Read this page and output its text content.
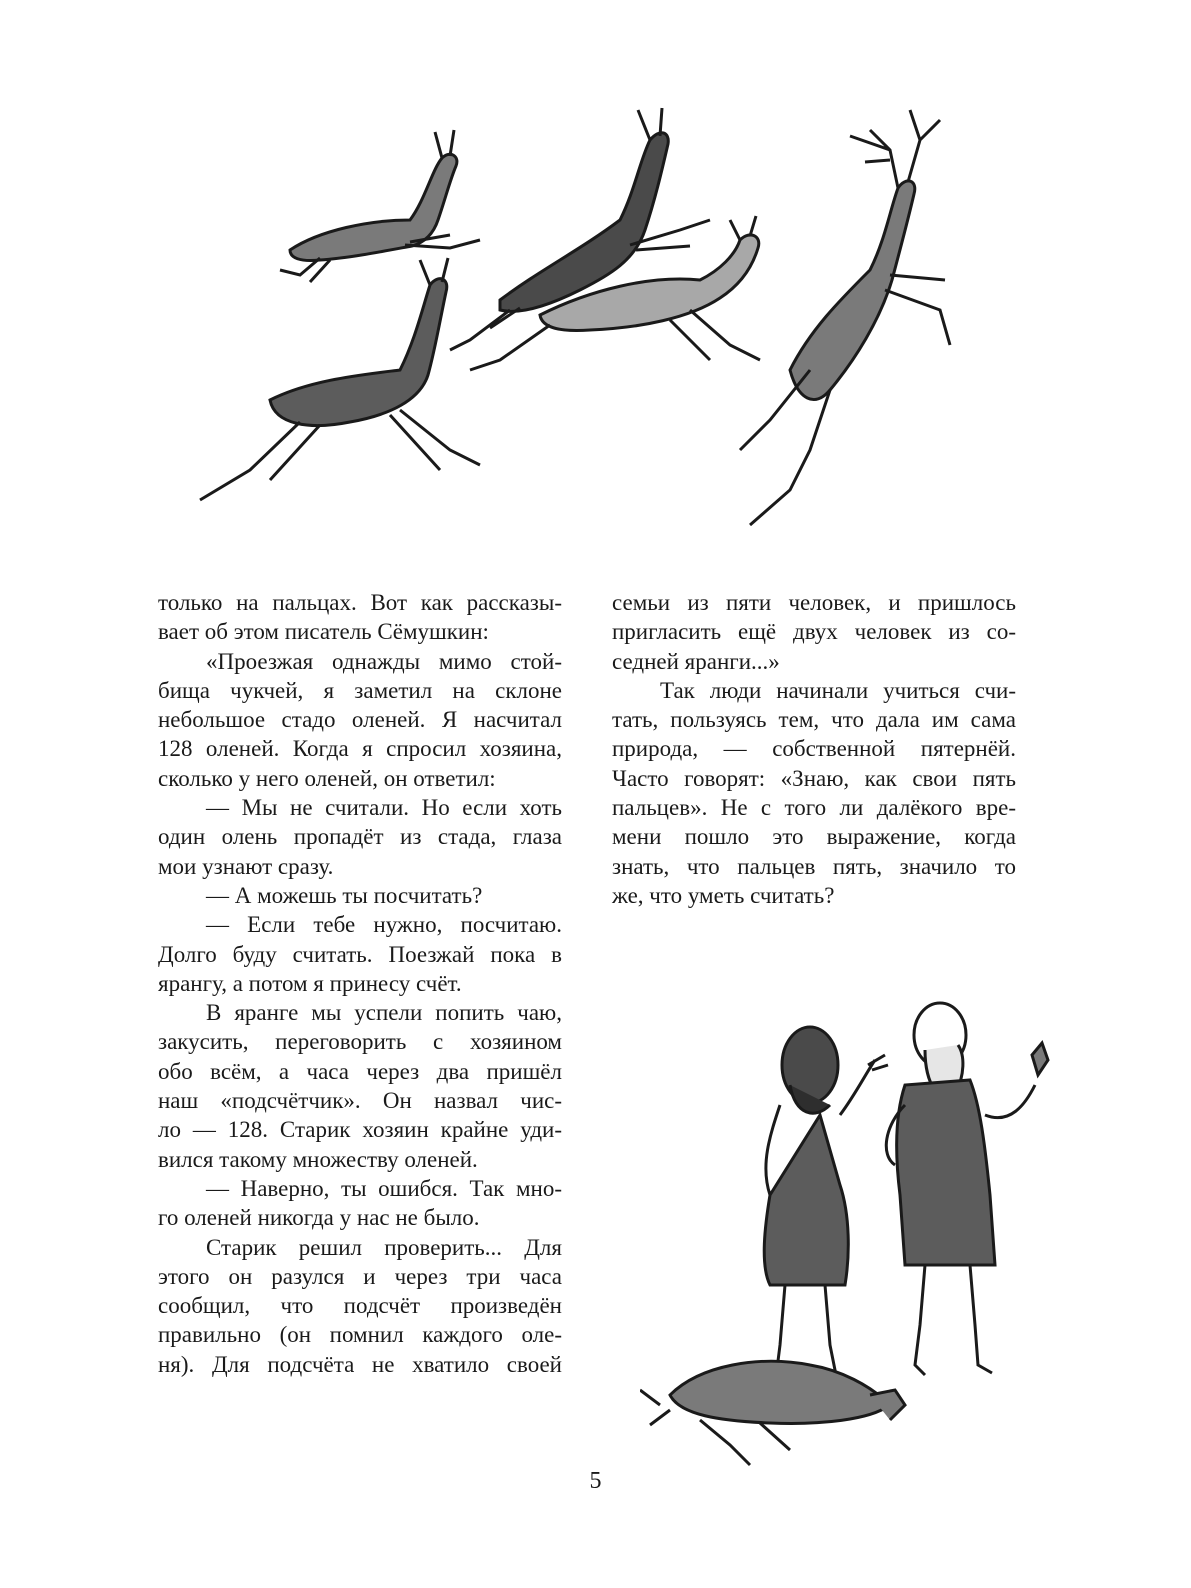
только на пальцах. Вот как рассказы-
вает об этом писатель Сёмушкин:
«Проезжая однажды мимо стой-
бища чукчей, я заметил на склоне
небольшое стадо оленей. Я насчитал
128 оленей. Когда я спросил хозяина,
сколько у него оленей, он ответил:
— Мы не считали. Но если хоть
один олень пропадёт из стада, глаза
мои узнают сразу.
— А можешь ты посчитать?
— Если тебе нужно, посчитаю.
Долго буду считать. Поезжай пока в
ярангу, а потом я принесу счёт.
В яранге мы успели попить чаю,
закусить, переговорить с хозяином
обо всём, а часа через два пришёл
наш «подсчётчик». Он назвал чис-
ло — 128. Старик хозяин крайне уди-
вился такому множеству оленей.
— Наверно, ты ошибся. Так мно-
го оленей никогда у нас не было.
Старик решил проверить... Для
этого он разулся и через три часа
сообщил, что подсчёт произведён
правильно (он помнил каждого оле-
ня). Для подсчёта не хватило своей
семьи из пяти человек, и пришлось
пригласить ещё двух человек из со-
седней яранги...»
Так люди начинали учиться счи-
тать, пользуясь тем, что дала им сама
природа, — собственной пятернёй.
Часто говорят: «Знаю, как свои пять
пальцев». Не с того ли далёкого вре-
мени пошло это выражение, когда
знать, что пальцев пять, значило то
же, что уметь считать?
5
